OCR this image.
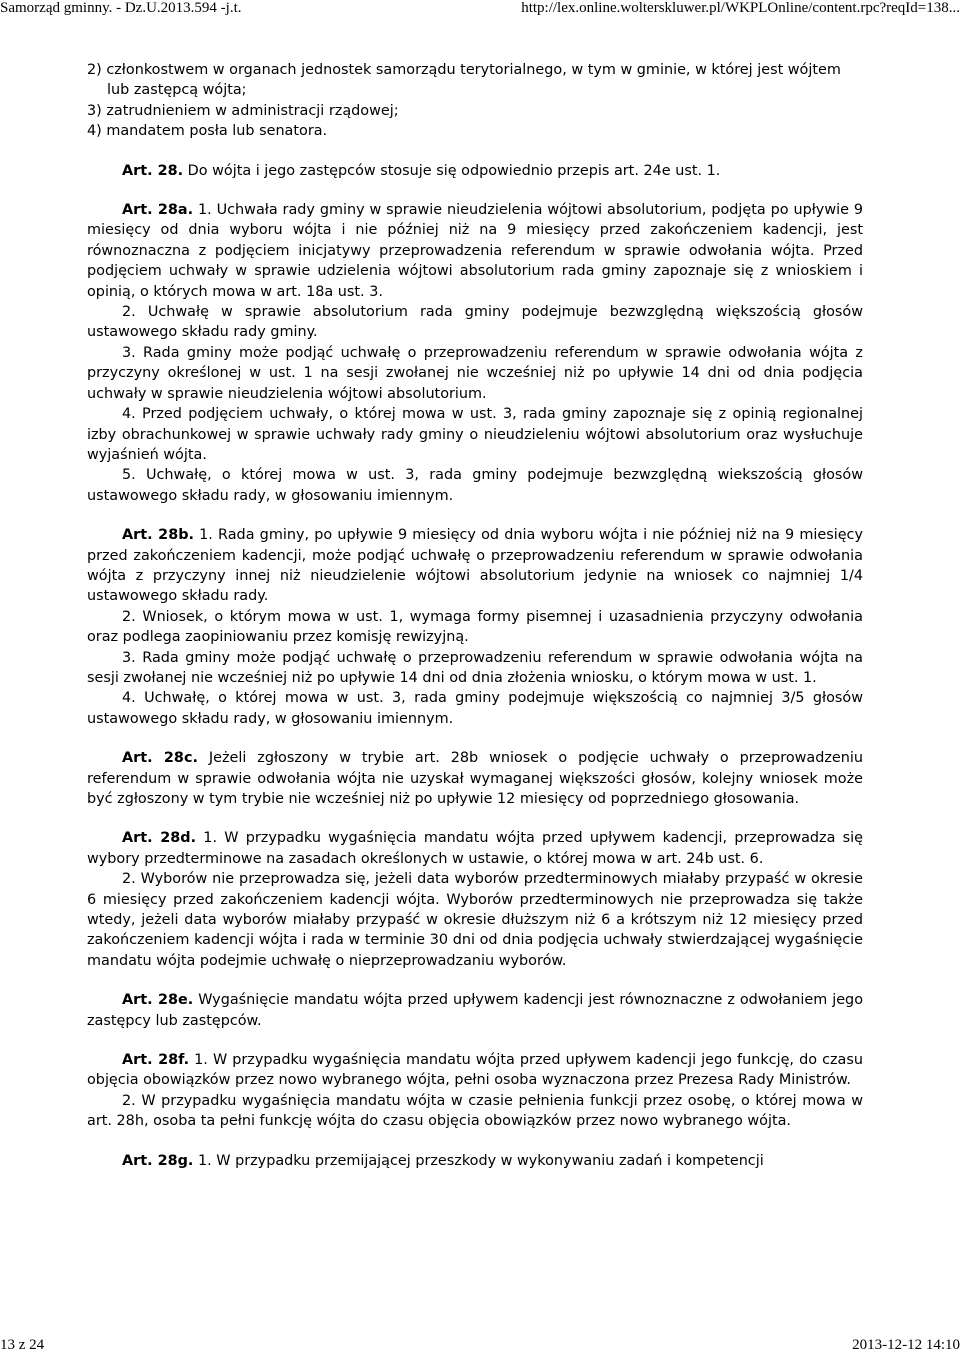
Samorząd gminny. - Dz.U.2013.594 -j.t.	http://lex.online.wolterskluwer.pl/WKPLOnline/content.rpc?reqId=138...

2) członkostwem w organach jednostek samorządu terytorialnego, w tym w gminie, w której jest wójtem lub zastępcą wójta;

3) zatrudnieniem w administracji rządowej;

4) mandatem posła lub senatora.

Art. 28. Do wójta i jego zastępców stosuje się odpowiednio przepis art. 24e ust. 1.

Art. 28a. 1. Uchwała rady gminy w sprawie nieudzielenia wójtowi absolutorium, podjęta po upływie 9 miesięcy od dnia wyboru wójta i nie później niż na 9 miesięcy przed zakończeniem kadencji, jest równoznaczna z podjęciem inicjatywy przeprowadzenia referendum w sprawie odwołania wójta. Przed podjęciem uchwały w sprawie udzielenia wójtowi absolutorium rada gminy zapoznaje się z wnioskiem i opinią, o których mowa w art. 18a ust. 3.

2. Uchwałę w sprawie absolutorium rada gminy podejmuje bezwzględną większością głosów ustawowego składu rady gminy.

3. Rada gminy może podjąć uchwałę o przeprowadzeniu referendum w sprawie odwołania wójta z przyczyny określonej w ust. 1 na sesji zwołanej nie wcześniej niż po upływie 14 dni od dnia podjęcia uchwały w sprawie nieudzielenia wójtowi absolutorium.

4. Przed podjęciem uchwały, o której mowa w ust. 3, rada gminy zapoznaje się z opinią regionalnej izby obrachunkowej w sprawie uchwały rady gminy o nieudzieleniu wójtowi absolutorium oraz wysłuchuje wyjaśnień wójta.

5. Uchwałę, o której mowa w ust. 3, rada gminy podejmuje bezwzględną wiekszością głosów ustawowego składu rady, w głosowaniu imiennym.

Art. 28b. 1. Rada gminy, po upływie 9 miesięcy od dnia wyboru wójta i nie później niż na 9 miesięcy przed zakończeniem kadencji, może podjąć uchwałę o przeprowadzeniu referendum w sprawie odwołania wójta z przyczyny innej niż nieudzielenie wójtowi absolutorium jedynie na wniosek co najmniej 1/4 ustawowego składu rady.

2. Wniosek, o którym mowa w ust. 1, wymaga formy pisemnej i uzasadnienia przyczyny odwołania oraz podlega zaopiniowaniu przez komisję rewizyjną.

3. Rada gminy może podjąć uchwałę o przeprowadzeniu referendum w sprawie odwołania wójta na sesji zwołanej nie wcześniej niż po upływie 14 dni od dnia złożenia wniosku, o którym mowa w ust. 1.

4. Uchwałę, o której mowa w ust. 3, rada gminy podejmuje większością co najmniej 3/5 głosów ustawowego składu rady, w głosowaniu imiennym.

Art. 28c. Jeżeli zgłoszony w trybie art. 28b wniosek o podjęcie uchwały o przeprowadzeniu referendum w sprawie odwołania wójta nie uzyskał wymaganej większości głosów, kolejny wniosek może być zgłoszony w tym trybie nie wcześniej niż po upływie 12 miesięcy od poprzedniego głosowania.

Art. 28d. 1. W przypadku wygaśnięcia mandatu wójta przed upływem kadencji, przeprowadza się wybory przedterminowe na zasadach określonych w ustawie, o której mowa w art. 24b ust. 6.

2. Wyborów nie przeprowadza się, jeżeli data wyborów przedterminowych miałaby przypaść w okresie 6 miesięcy przed zakończeniem kadencji wójta. Wyborów przedterminowych nie przeprowadza się także wtedy, jeżeli data wyborów miałaby przypaść w okresie dłuższym niż 6 a krótszym niż 12 miesięcy przed zakończeniem kadencji wójta i rada w terminie 30 dni od dnia podjęcia uchwały stwierdzającej wygaśnięcie mandatu wójta podejmie uchwałę o nieprzeprowadzaniu wyborów.

Art. 28e. Wygaśnięcie mandatu wójta przed upływem kadencji jest równoznaczne z odwołaniem jego zastępcy lub zastępców.

Art. 28f. 1. W przypadku wygaśnięcia mandatu wójta przed upływem kadencji jego funkcję, do czasu objęcia obowiązków przez nowo wybranego wójta, pełni osoba wyznaczona przez Prezesa Rady Ministrów.

2. W przypadku wygaśnięcia mandatu wójta w czasie pełnienia funkcji przez osobę, o której mowa w art. 28h, osoba ta pełni funkcję wójta do czasu objęcia obowiązków przez nowo wybranego wójta.

Art. 28g. 1. W przypadku przemijającej przeszkody w wykonywaniu zadań i kompetencji

13 z 24	2013-12-12 14:10
